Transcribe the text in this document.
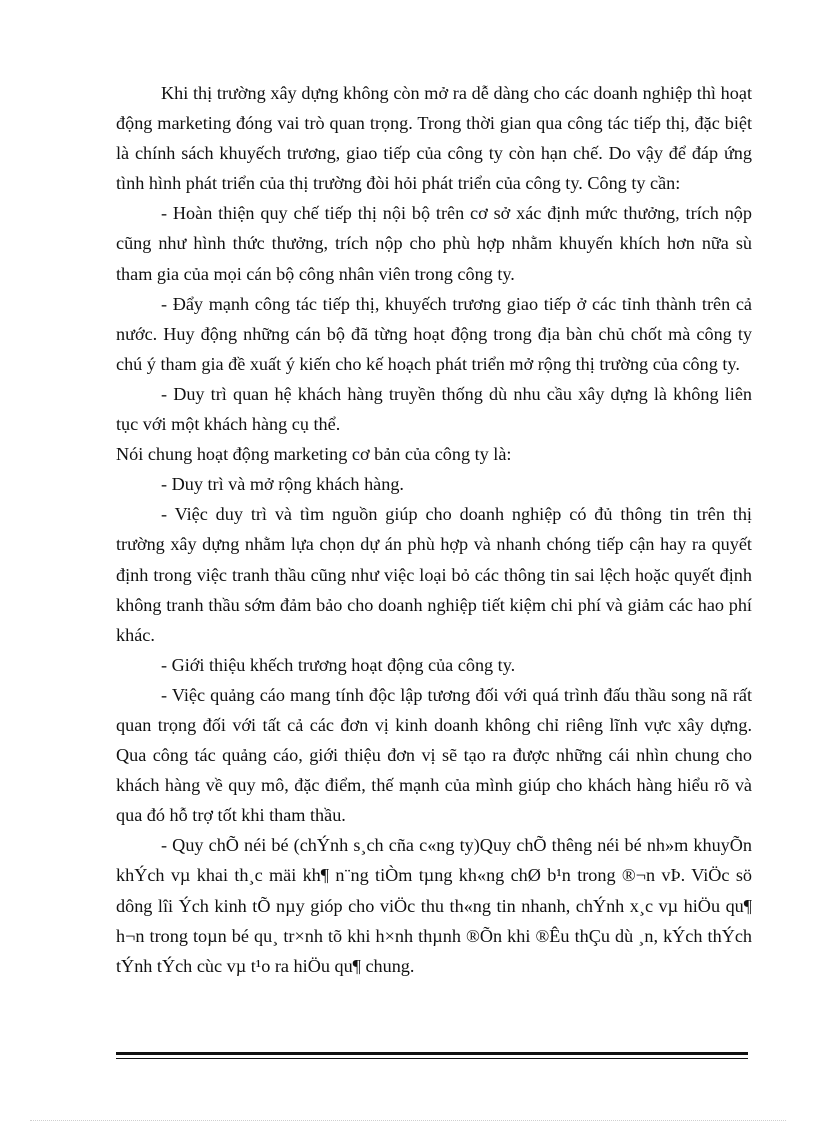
Khi thị trường xây dựng không còn mở ra dễ dàng cho các doanh nghiệp thì hoạt động marketing đóng vai trò quan trọng. Trong thời gian qua công tác tiếp thị, đặc biệt là chính sách khuyếch trương, giao tiếp của công ty còn hạn chế. Do vậy để đáp ứng tình hình phát triển của thị trường đòi hỏi phát triển của công ty. Công ty cần:

- Hoàn thiện quy chế tiếp thị nội bộ trên cơ sở xác định mức thưởng, trích nộp cũng như hình thức thưởng, trích nộp cho phù hợp nhằm khuyến khích hơn nữa sù tham gia của mọi cán bộ công nhân viên trong công ty.

- Đẩy mạnh công tác tiếp thị, khuyếch trương giao tiếp ở các tỉnh thành trên cả nước. Huy động những cán bộ đã từng hoạt động trong địa bàn chủ chốt mà công ty chú ý tham gia đề xuất ý kiến cho kế hoạch phát triển mở rộng thị trường của công ty.

- Duy trì quan hệ khách hàng truyền thống dù nhu cầu xây dựng là không liên tục với một khách hàng cụ thể.

Nói chung hoạt động marketing cơ bản của công ty là:

- Duy trì và mở rộng khách hàng.

- Việc duy trì và tìm nguồn giúp cho doanh nghiệp có đủ thông tin trên thị trường xây dựng nhằm lựa chọn dự án phù hợp và nhanh chóng tiếp cận hay ra quyết định trong việc tranh thầu cũng như việc loại bỏ các thông tin sai lệch hoặc quyết định không tranh thầu sớm đảm bảo cho doanh nghiệp tiết kiệm chi phí và giảm các hao phí khác.

- Giới thiệu khếch trương hoạt động của công ty.

- Việc quảng cáo mang tính độc lập tương đối với quá trình đấu thầu song nã rất quan trọng đối với tất cả các đơn vị kinh doanh không chỉ riêng lĩnh vực xây dựng. Qua công tác quảng cáo, giới thiệu đơn vị sẽ tạo ra được những cái nhìn chung cho khách hàng về quy mô, đặc điểm, thế mạnh của mình giúp cho khách hàng hiểu rõ và qua đó hỗ trợ tốt khi tham thầu.

- Quy chÕ néi bé (chÝnh s¸ch cña c«ng ty)Quy chÕ thêng néi bé nh»m khuyÕn khÝch vµ khai th¸c mäi kh¶ n¨ng tiÒm tµng kh«ng chØ b¹n trong ®¬n vÞ. ViÖc sö dông lîi Ých kinh tÕ nµy gióp cho viÖc thu th«ng tin nhanh, chÝnh x¸c vµ hiÖu qu¶ h¬n trong toµn bé qu¸ tr×nh tõ khi h×nh thµnh ®Õn khi ®Êu thÇu dù ¸n, kÝch thÝch tÝnh tÝch cùc vµ t¹o ra hiÖu qu¶ chung.
